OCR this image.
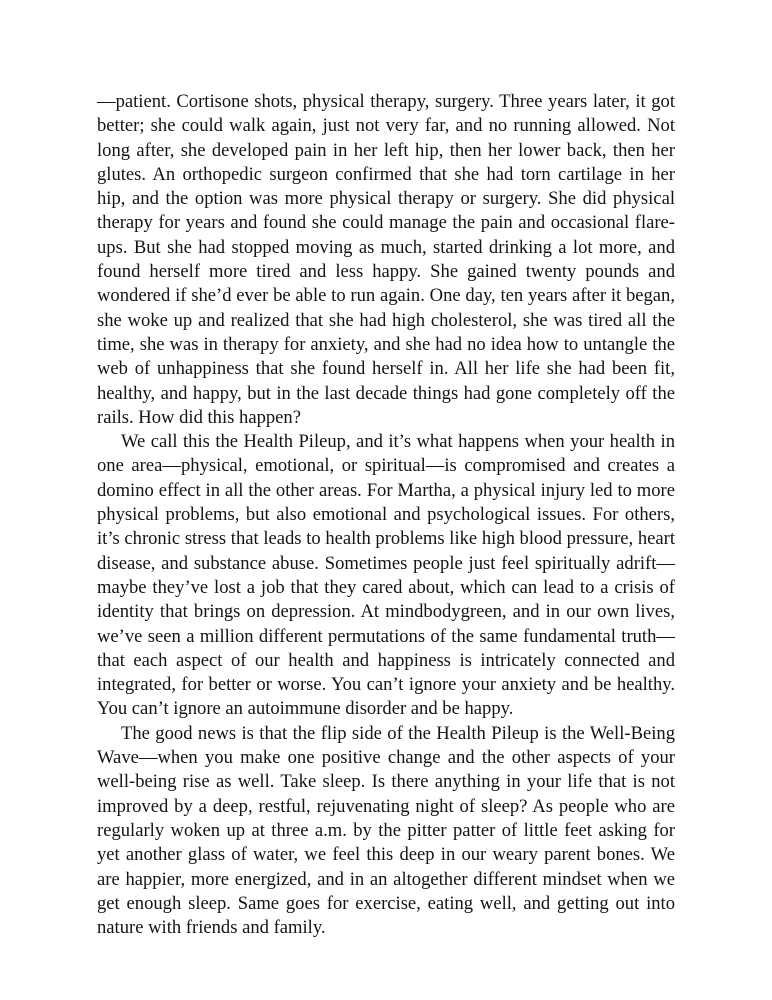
—patient. Cortisone shots, physical therapy, surgery. Three years later, it got better; she could walk again, just not very far, and no running allowed. Not long after, she developed pain in her left hip, then her lower back, then her glutes. An orthopedic surgeon confirmed that she had torn cartilage in her hip, and the option was more physical therapy or surgery. She did physical therapy for years and found she could manage the pain and occasional flare-ups. But she had stopped moving as much, started drinking a lot more, and found herself more tired and less happy. She gained twenty pounds and wondered if she’d ever be able to run again. One day, ten years after it began, she woke up and realized that she had high cholesterol, she was tired all the time, she was in therapy for anxiety, and she had no idea how to untangle the web of unhappiness that she found herself in. All her life she had been fit, healthy, and happy, but in the last decade things had gone completely off the rails. How did this happen?

We call this the Health Pileup, and it’s what happens when your health in one area—physical, emotional, or spiritual—is compromised and creates a domino effect in all the other areas. For Martha, a physical injury led to more physical problems, but also emotional and psychological issues. For others, it’s chronic stress that leads to health problems like high blood pressure, heart disease, and substance abuse. Sometimes people just feel spiritually adrift—maybe they’ve lost a job that they cared about, which can lead to a crisis of identity that brings on depression. At mindbodygreen, and in our own lives, we’ve seen a million different permutations of the same fundamental truth—that each aspect of our health and happiness is intricately connected and integrated, for better or worse. You can’t ignore your anxiety and be healthy. You can’t ignore an autoimmune disorder and be happy.

The good news is that the flip side of the Health Pileup is the Well-Being Wave—when you make one positive change and the other aspects of your well-being rise as well. Take sleep. Is there anything in your life that is not improved by a deep, restful, rejuvenating night of sleep? As people who are regularly woken up at three a.m. by the pitter patter of little feet asking for yet another glass of water, we feel this deep in our weary parent bones. We are happier, more energized, and in an altogether different mindset when we get enough sleep. Same goes for exercise, eating well, and getting out into nature with friends and family.
